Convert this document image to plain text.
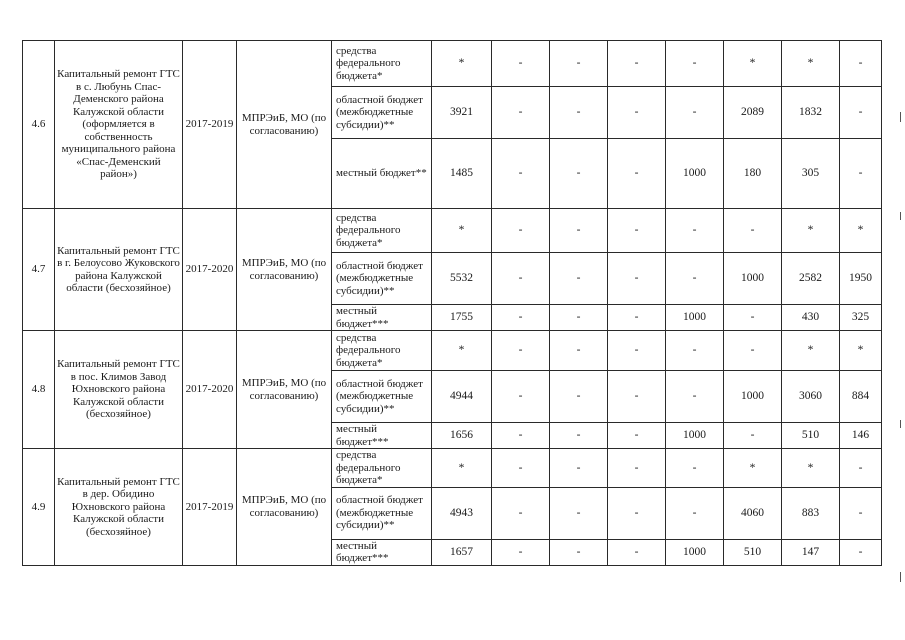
4.6	Капитальный ремонт ГТС в с. Любунь Спас-Деменского района Калужской области (оформляется в собственность муниципального района «Спас-Деменский район»)	2017-2019	МПРЭиБ, МО (по согласованию)	средства федерального бюджета*	*	-	-	-	-	*	*	-
				областной бюджет (межбюджетные субсидии)**	3921	-	-	-	-	2089	1832	-
				местный бюджет**	1485	-	-	-	1000	180	305	-
4.7	Капитальный ремонт ГТС в г. Белоусово Жуковского района Калужской области (бесхозяйное)	2017-2020	МПРЭиБ, МО (по согласованию)	средства федерального бюджета*	*	-	-	-	-	-	*	*
				областной бюджет (межбюджетные субсидии)**	5532	-	-	-	-	1000	2582	1950
				местный бюджет***	1755	-	-	-	1000	-	430	325
4.8	Капитальный ремонт ГТС в пос. Климов Завод Юхновского района Калужской области (бесхозяйное)	2017-2020	МПРЭиБ, МО (по согласованию)	средства федерального бюджета*	*	-	-	-	-	-	*	*
				областной бюджет (межбюджетные субсидии)**	4944	-	-	-	-	1000	3060	884
				местный бюджет***	1656	-	-	-	1000	-	510	146
4.9	Капитальный ремонт ГТС в дер. Обидино Юхновского района Калужской области (бесхозяйное)	2017-2019	МПРЭиБ, МО (по согласованию)	средства федерального бюджета*	*	-	-	-	-	*	*	-
				областной бюджет (межбюджетные субсидии)**	4943	-	-	-	-	4060	883	-
				местный бюджет***	1657	-	-	-	1000	510	147	-
